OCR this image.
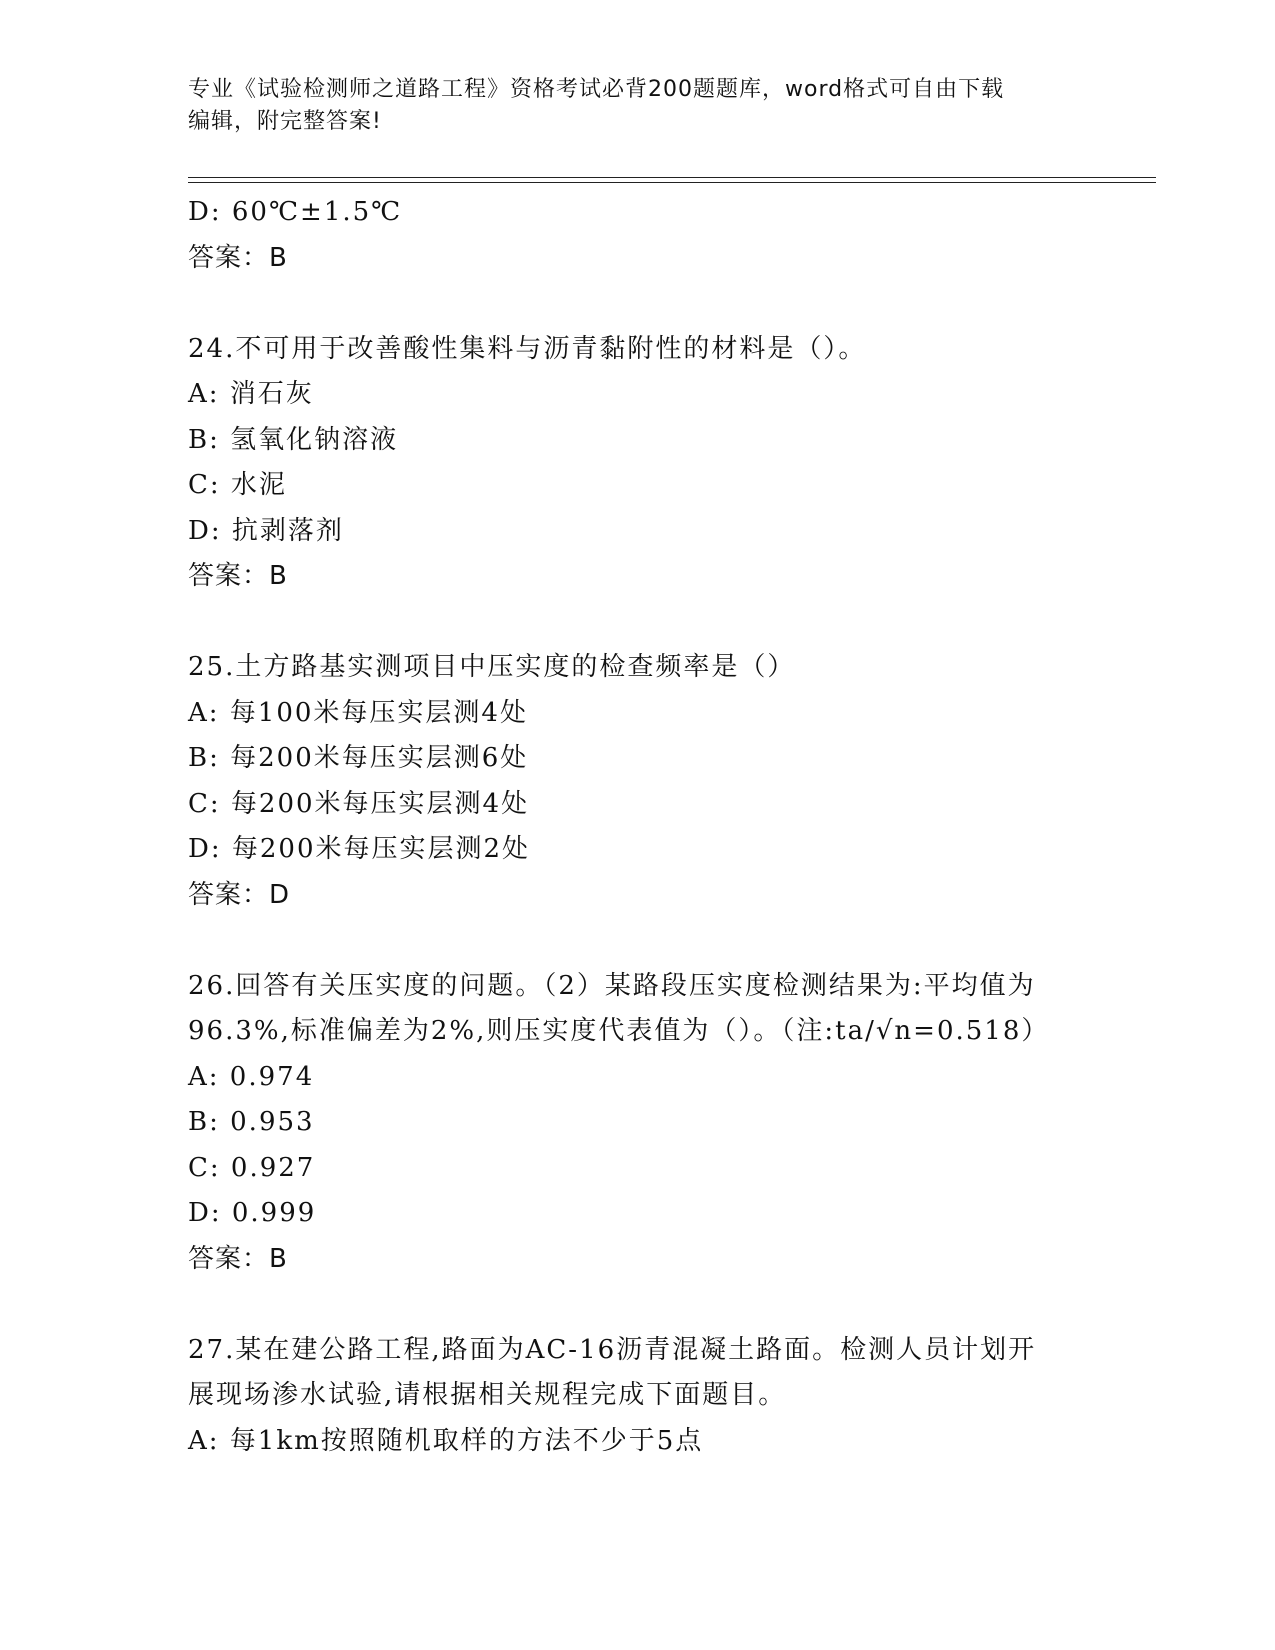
专业《试验检测师之道路工程》资格考试必背200题题库，word格式可自由下载
编辑，附完整答案!
D: 60℃±1.5℃
答案：B
24.不可用于改善酸性集料与沥青黏附性的材料是（）。
A: 消石灰
B: 氢氧化钠溶液
C: 水泥
D: 抗剥落剂
答案：B
25.土方路基实测项目中压实度的检查频率是（）
A: 每100米每压实层测4处
B: 每200米每压实层测6处
C: 每200米每压实层测4处
D: 每200米每压实层测2处
答案：D
26.回答有关压实度的问题。（2）某路段压实度检测结果为:平均值为
96.3%,标准偏差为2%,则压实度代表值为（）。（注:ta/√n=0.518）
A: 0.974
B: 0.953
C: 0.927
D: 0.999
答案：B
27.某在建公路工程,路面为AC-16沥青混凝土路面。检测人员计划开
展现场渗水试验,请根据相关规程完成下面题目。
A: 每1km按照随机取样的方法不少于5点
